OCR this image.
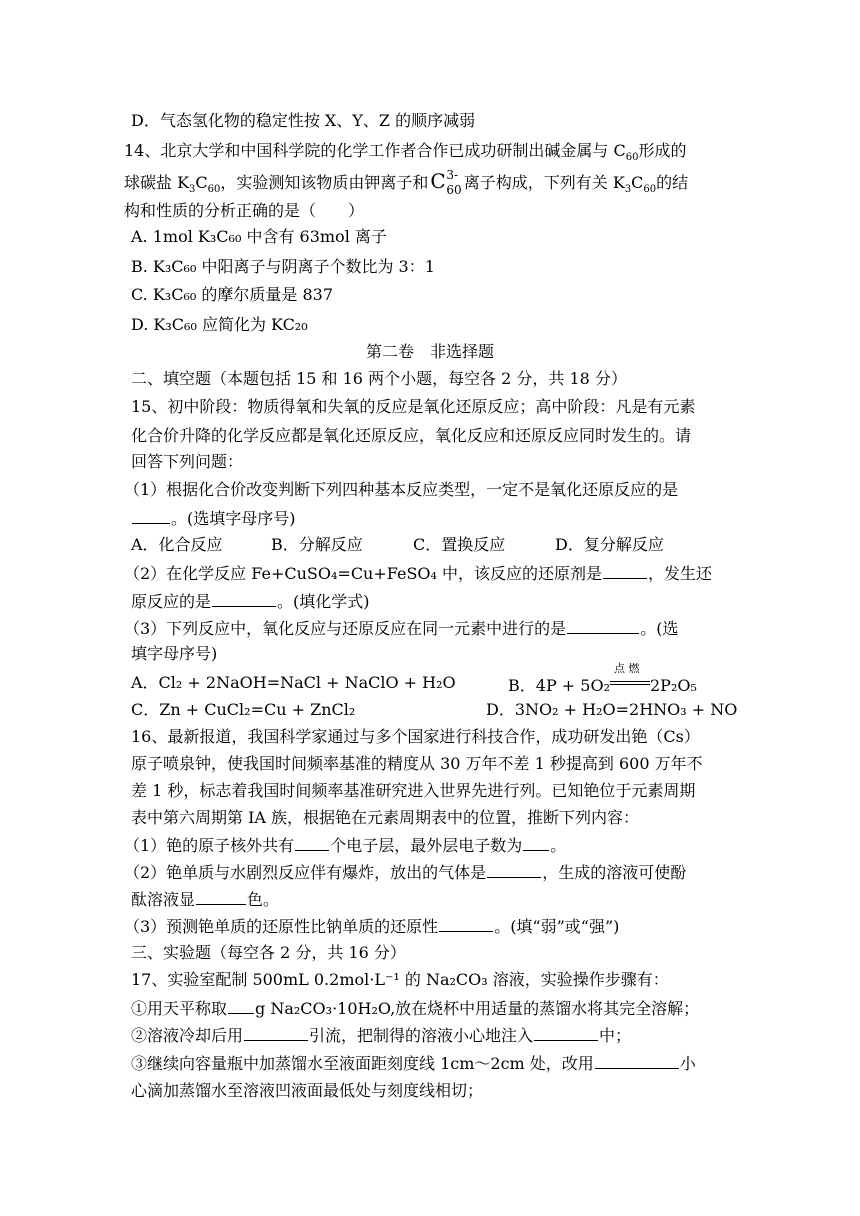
D．气态氢化物的稳定性按 X、Y、Z 的顺序减弱
14、北京大学和中国科学院的化学工作者合作已成功研制出碱金属与 $C_{60}$形成的
球碳盐 $K_3C_{60}$，实验测知该物质由钾离子和 C 3-
60 离子构成，下列有关 $K_3C_{60}$的结
构和性质的分析正确的是（　　）
A. 1mol K₃C₆₀ 中含有 63mol 离子
B. K₃C₆₀ 中阳离子与阴离子个数比为 3：1
C. K₃C₆₀ 的摩尔质量是 837
D. K₃C₆₀ 应简化为 KC₂₀
第二卷　非选择题
二、填空题（本题包括 15 和 16 两个小题，每空各 2 分，共 18 分）
15、初中阶段：物质得氧和失氧的反应是氧化还原反应；高中阶段：凡是有元素
化合价升降的化学反应都是氧化还原反应，氧化反应和还原反应同时发生的。请
回答下列问题：
（1）根据化合价改变判断下列四种基本反应类型，一定不是氧化还原反应的是
。(选填字母序号)
A．化合反应	B．分解反应	C．置换反应	D．复分解反应
（2）在化学反应 Fe+CuSO₄=Cu+FeSO₄ 中，该反应的还原剂是	，发生还
原反应的是	。(填化学式)
（3）下列反应中，氧化反应与还原反应在同一元素中进行的是	。(选
填字母序号)
A．Cl₂ + 2NaOH=NaCl + NaClO + H₂O	B．4P + 5O₂
点 燃
2P₂O₅
C．Zn + CuCl₂=Cu + ZnCl₂	D．3NO₂ + H₂O=2HNO₃ + NO
16、最新报道，我国科学家通过与多个国家进行科技合作，成功研发出铯（Cs）
原子喷泉钟，使我国时间频率基准的精度从 30 万年不差 1 秒提高到 600 万年不
差 1 秒，标志着我国时间频率基准研究进入世界先进行列。已知铯位于元素周期
表中第六周期第 IA 族，根据铯在元素周期表中的位置，推断下列内容：
（1）铯的原子核外共有 个电子层，最外层电子数为 。
（2）铯单质与水剧烈反应伴有爆炸，放出的气体是	，生成的溶液可使酚
酞溶液显	色。
（3）预测铯单质的还原性比钠单质的还原性	。(填“弱”或“强”)
三、实验题（每空各 2 分，共 16 分）
17、实验室配制 500mL 0.2mol·L⁻¹ 的 Na₂CO₃ 溶液，实验操作步骤有：
①用天平称取 g Na₂CO₃·10H₂O,放在烧杯中用适量的蒸馏水将其完全溶解；
②溶液冷却后用	引流，把制得的溶液小心地注入	中；
③继续向容量瓶中加蒸馏水至液面距刻度线 1cm～2cm 处，改用	小
心滴加蒸馏水至溶液凹液面最低处与刻度线相切；
